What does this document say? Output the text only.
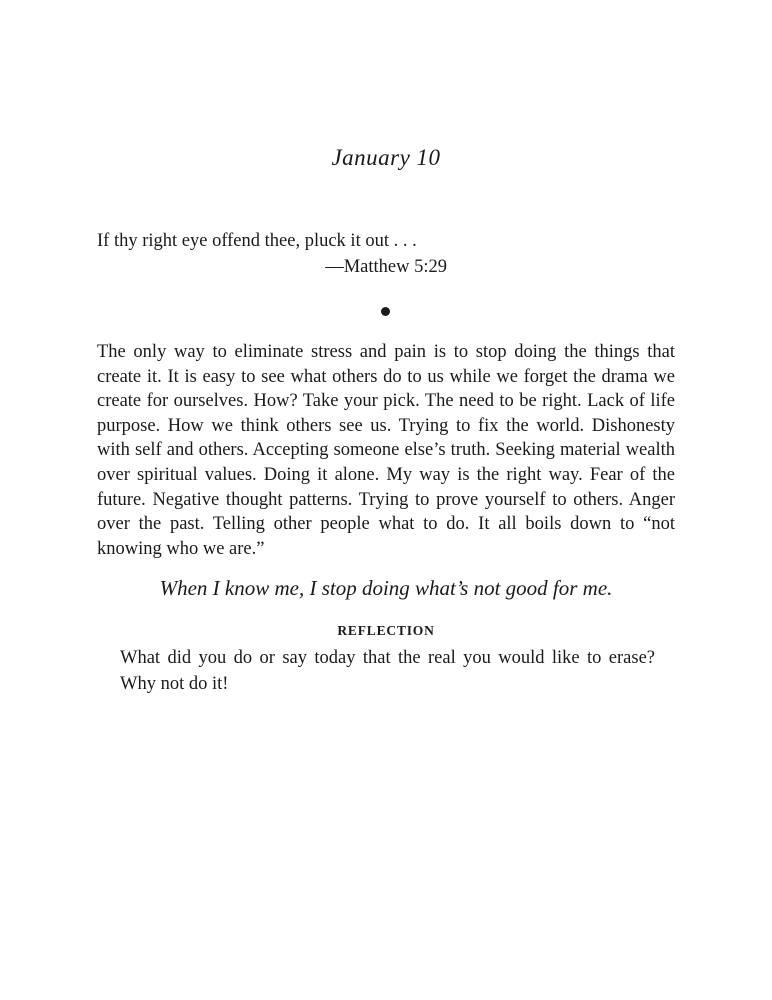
January 10
If thy right eye offend thee, pluck it out . . .
—Matthew 5:29

The only way to eliminate stress and pain is to stop doing the things that create it. It is easy to see what others do to us while we forget the drama we create for ourselves. How? Take your pick. The need to be right. Lack of life purpose. How we think others see us. Trying to fix the world. Dishonesty with self and others. Accepting someone else’s truth. Seeking material wealth over spiritual values. Doing it alone. My way is the right way. Fear of the future. Negative thought patterns. Trying to prove yourself to others. Anger over the past. Telling other people what to do. It all boils down to “not knowing who we are.”

When I know me, I stop doing what’s not good for me.
REFLECTION

What did you do or say today that the real you would like to erase? Why not do it!
